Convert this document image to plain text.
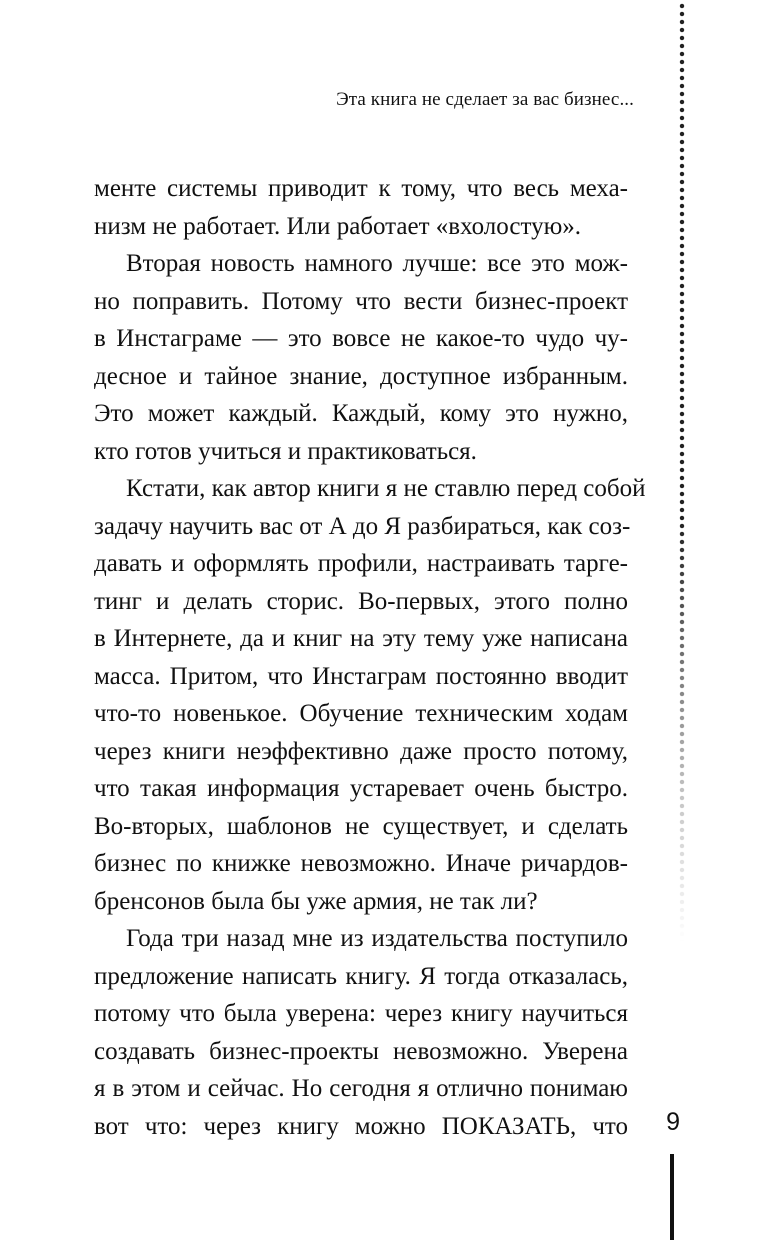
Эта книга не сделает за вас бизнес...

менте системы приводит к тому, что весь меха-
низм не работает. Или работает «вхолостую».

Вторая новость намного лучше: все это мож-
но поправить. Потому что вести бизнес-проект
в Инстаграме — это вовсе не какое-то чудо чу-
десное и тайное знание, доступное избранным.
Это может каждый. Каждый, кому это нужно,
кто готов учиться и практиковаться.

Кстати, как автор книги я не ставлю перед собой
задачу научить вас от А до Я разбираться, как соз-
давать и оформлять профили, настраивать тарге-
тинг и делать сторис. Во-первых, этого полно
в Интернете, да и книг на эту тему уже написана
масса. Притом, что Инстаграм постоянно вводит
что-то новенькое. Обучение техническим ходам
через книги неэффективно даже просто потому,
что такая информация устаревает очень быстро.
Во-вторых, шаблонов не существует, и сделать
бизнес по книжке невозможно. Иначе ричардов-
бренсонов была бы уже армия, не так ли?

Года три назад мне из издательства поступило
предложение написать книгу. Я тогда отказалась,
потому что была уверена: через книгу научиться
создавать бизнес-проекты невозможно. Уверена
я в этом и сейчас. Но сегодня я отлично понимаю
вот что: через книгу можно ПОКАЗАТЬ, что 9
